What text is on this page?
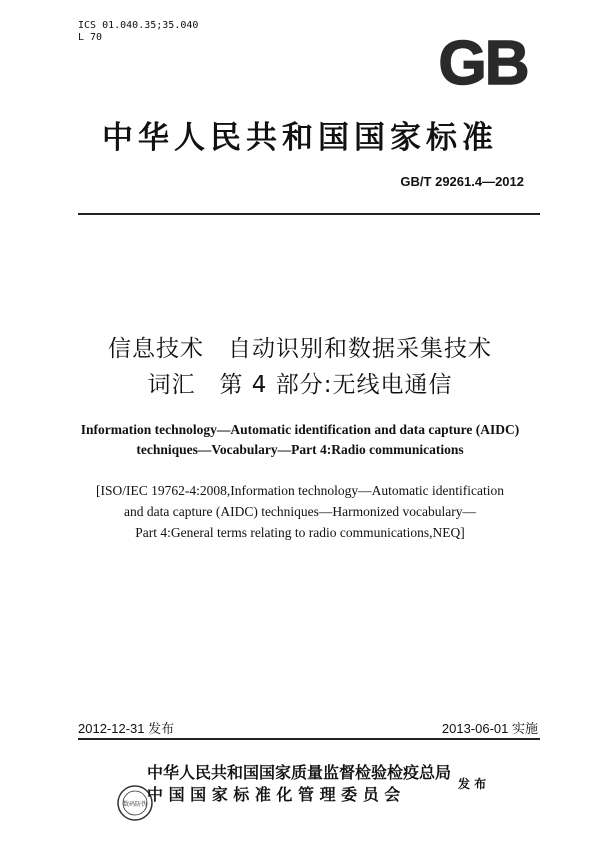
ICS 01.040.35;35.040
L 70	GB
中华人民共和国国家标准
GB/T 29261.4—2012
信息技术　自动识别和数据采集技术
词汇　第 4 部分:无线电通信
Information technology—Automatic identification and data capture (AIDC)
techniques—Vocabulary—Part 4:Radio communications
[ISO/IEC 19762-4:2008,Information technology—Automatic identification
and data capture (AIDC) techniques—Harmonized vocabulary—
Part 4:General terms relating to radio communications,NEQ]
2012-12-31 发布	2013-06-01 实施
数码防伪
中华人民共和国国家质量监督检验检疫总局
中 国 国 家 标 准 化 管 理 委 员 会
发 布
